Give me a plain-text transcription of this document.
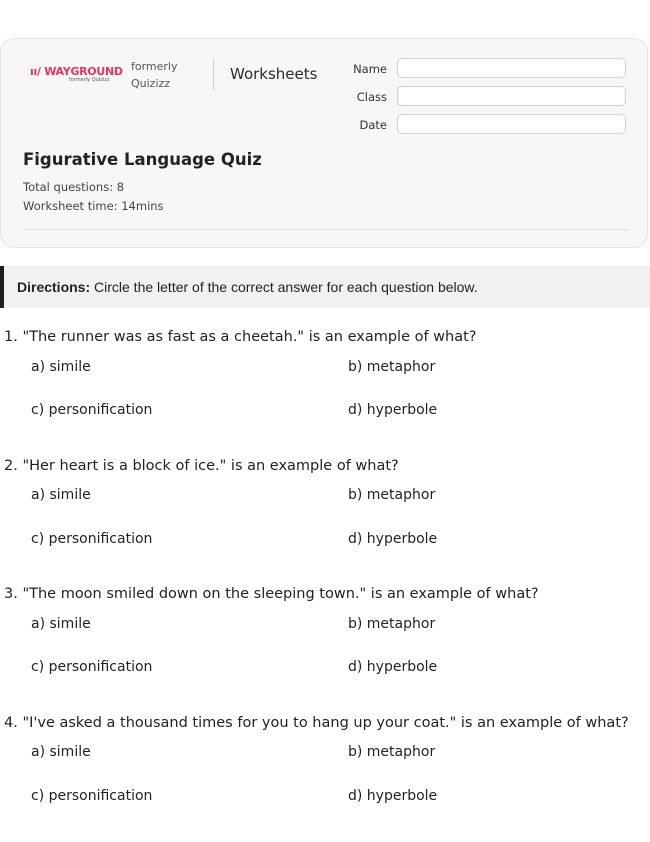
ıı/ WAYGROUND
formerly Quizizz
formerly
Quizizz
Worksheets	Name
Class
Date
Figurative Language Quiz
Total questions: 8
Worksheet time: 14mins
Directions: Circle the letter of the correct answer for each question below.
1. "The runner was as fast as a cheetah." is an example of what?
a) simile	b) metaphor
c) personification	d) hyperbole
2. "Her heart is a block of ice." is an example of what?
a) simile	b) metaphor
c) personification	d) hyperbole
3. "The moon smiled down on the sleeping town." is an example of what?
a) simile	b) metaphor
c) personification	d) hyperbole
4. "I've asked a thousand times for you to hang up your coat." is an example of what?
a) simile	b) metaphor
c) personification	d) hyperbole
